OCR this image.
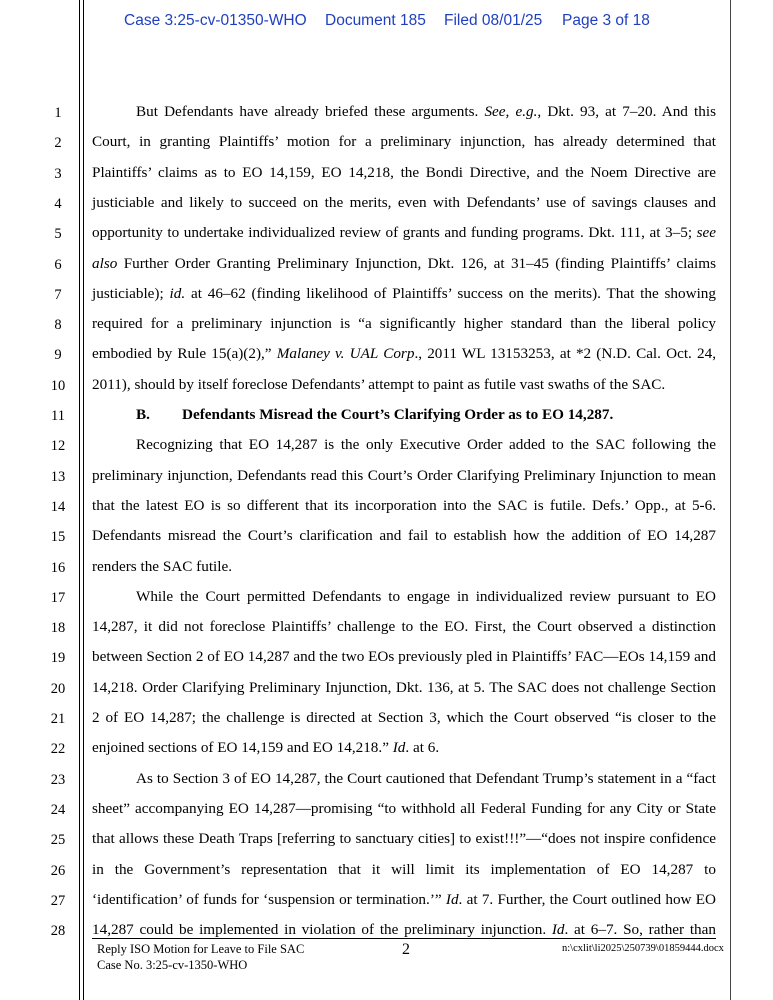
Case 3:25-cv-01350-WHO Document 185 Filed 08/01/25 Page 3 of 18
1
2
3
4
5
6
7
8
9
10
11
12
13
14
15
16
17
18
19
20
21
22
23
24
25
26
27
28
But Defendants have already briefed these arguments. See, e.g., Dkt. 93, at 7–20. And this
Court, in granting Plaintiffs’ motion for a preliminary injunction, has already determined that
Plaintiffs’ claims as to EO 14,159, EO 14,218, the Bondi Directive, and the Noem Directive are
justiciable and likely to succeed on the merits, even with Defendants’ use of savings clauses and
opportunity to undertake individualized review of grants and funding programs. Dkt. 111, at 3–5; see
also Further Order Granting Preliminary Injunction, Dkt. 126, at 31–45 (finding Plaintiffs’ claims
justiciable); id. at 46–62 (finding likelihood of Plaintiffs’ success on the merits). That the showing
required for a preliminary injunction is “a significantly higher standard than the liberal policy
embodied by Rule 15(a)(2),” Malaney v. UAL Corp., 2011 WL 13153253, at *2 (N.D. Cal. Oct. 24,
2011), should by itself foreclose Defendants’ attempt to paint as futile vast swaths of the SAC.
B. Defendants Misread the Court’s Clarifying Order as to EO 14,287.
Recognizing that EO 14,287 is the only Executive Order added to the SAC following the
preliminary injunction, Defendants read this Court’s Order Clarifying Preliminary Injunction to mean
that the latest EO is so different that its incorporation into the SAC is futile. Defs.’ Opp., at 5-6.
Defendants misread the Court’s clarification and fail to establish how the addition of EO 14,287
renders the SAC futile.
While the Court permitted Defendants to engage in individualized review pursuant to EO
14,287, it did not foreclose Plaintiffs’ challenge to the EO. First, the Court observed a distinction
between Section 2 of EO 14,287 and the two EOs previously pled in Plaintiffs’ FAC—EOs 14,159 and
14,218. Order Clarifying Preliminary Injunction, Dkt. 136, at 5. The SAC does not challenge Section
2 of EO 14,287; the challenge is directed at Section 3, which the Court observed “is closer to the
enjoined sections of EO 14,159 and EO 14,218.” Id. at 6.
As to Section 3 of EO 14,287, the Court cautioned that Defendant Trump’s statement in a “fact
sheet” accompanying EO 14,287—promising “to withhold all Federal Funding for any City or State
that allows these Death Traps [referring to sanctuary cities] to exist!!!”—“does not inspire confidence
in the Government’s representation that it will limit its implementation of EO 14,287 to
‘identification’ of funds for ‘suspension or termination.’” Id. at 7. Further, the Court outlined how EO
14,287 could be implemented in violation of the preliminary injunction. Id. at 6–7. So, rather than
Reply ISO Motion for Leave to File SAC
Case No. 3:25-cv-1350-WHO
2	n:\cxlit\li2025\250739\01859444.docx
